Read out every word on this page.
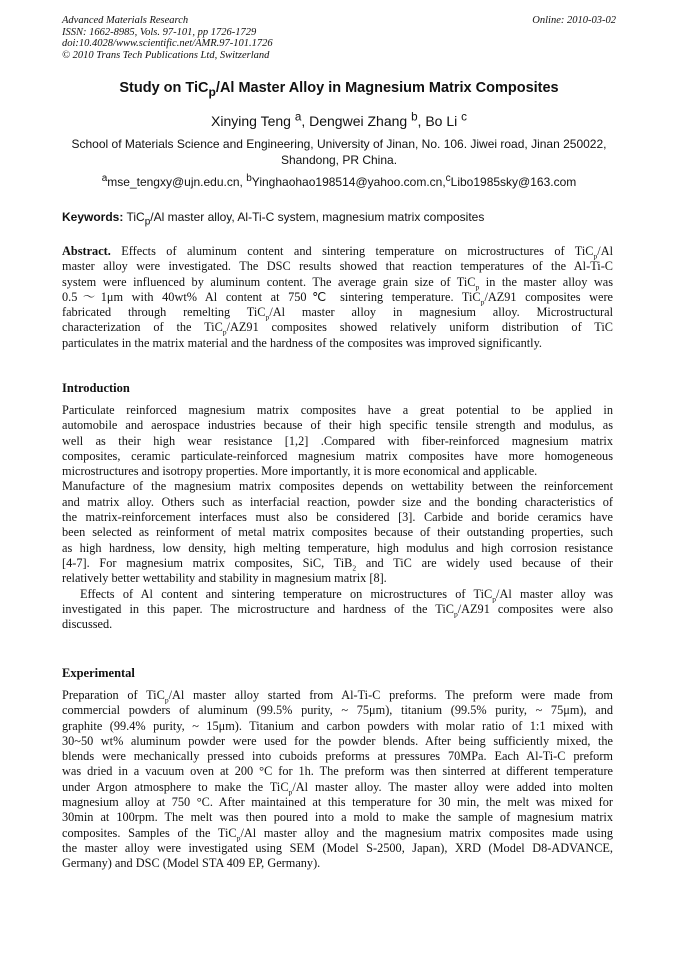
Advanced Materials Research
ISSN: 1662-8985, Vols. 97-101, pp 1726-1729
doi:10.4028/www.scientific.net/AMR.97-101.1726
© 2010 Trans Tech Publications Ltd, Switzerland
Online: 2010-03-02
Study on TiC$_p$/Al Master Alloy in Magnesium Matrix Composites
Xinying Teng $^a$, Dengwei Zhang $^b$, Bo Li $^c$
School of Materials Science and Engineering, University of Jinan, No. 106. Jiwei road, Jinan 250022,
Shandong, PR China.
$^a$mse_tengxy@ujn.edu.cn, $^b$Yinghaohao198514@yahoo.com.cn,$^c$Libo1985sky@163.com
Keywords: TiC$_p$/Al master alloy, Al-Ti-C system, magnesium matrix composites
Abstract. Effects of aluminum content and sintering temperature on microstructures of TiC$_p$/Al
master alloy were investigated. The DSC results showed that reaction temperatures of the Al-Ti-C
system were influenced by aluminum content. The average grain size of TiC$_p$ in the master alloy was
0.5～1μm with 40wt% Al content at 750℃ sintering temperature. TiC$_p$/AZ91 composites were
fabricated through remelting TiC$_p$/Al master alloy in magnesium alloy. Microstructural
characterization of the TiC$_p$/AZ91 composites showed relatively uniform distribution of TiC
particulates in the matrix material and the hardness of the composites was improved significantly.
Introduction
Particulate reinforced magnesium matrix composites have a great potential to be applied in
automobile and aerospace industries because of their high specific tensile strength and modulus, as
well as their high wear resistance [1,2] .Compared with fiber-reinforced magnesium matrix
composites, ceramic particulate-reinforced magnesium matrix composites have more homogeneous
microstructures and isotropy properties. More importantly, it is more economical and applicable.
Manufacture of the magnesium matrix composites depends on wettability between the reinforcement
and matrix alloy. Others such as interfacial reaction, powder size and the bonding characteristics of
the matrix-reinforcement interfaces must also be considered [3]. Carbide and boride ceramics have
been selected as reinforment of metal matrix composites because of their outstanding properties, such
as high hardness, low density, high melting temperature, high modulus and high corrosion resistance
[4-7]. For magnesium matrix composites, SiC, TiB$_2$ and TiC are widely used because of their
relatively better wettability and stability in magnesium matrix [8].
Effects of Al content and sintering temperature on microstructures of TiC$_p$/Al master alloy was
investigated in this paper. The microstructure and hardness of the TiC$_p$/AZ91 composites were also
discussed.
Experimental
Preparation of TiC$_p$/Al master alloy started from Al-Ti-C preforms. The preform were made from
commercial powders of aluminum (99.5% purity, ~ 75μm), titanium (99.5% purity, ~ 75μm), and
graphite (99.4% purity, ~ 15μm). Titanium and carbon powders with molar ratio of 1:1 mixed with
30~50 wt% aluminum powder were used for the powder blends. After being sufficiently mixed, the
blends were mechanically pressed into cuboids preforms at pressures 70MPa. Each Al-Ti-C preform
was dried in a vacuum oven at 200 °C for 1h. The preform was then sinterred at different temperature
under Argon atmosphere to make the TiC$_p$/Al master alloy. The master alloy were added into molten
magnesium alloy at 750 °C. After maintained at this temperature for 30 min, the melt was mixed for
30min at 100rpm. The melt was then poured into a mold to make the sample of magnesium matrix
composites. Samples of the TiC$_p$/Al master alloy and the magnesium matrix composites made using
the master alloy were investigated using SEM (Model S-2500, Japan), XRD (Model D8-ADVANCE,
Germany) and DSC (Model STA 409 EP, Germany).
